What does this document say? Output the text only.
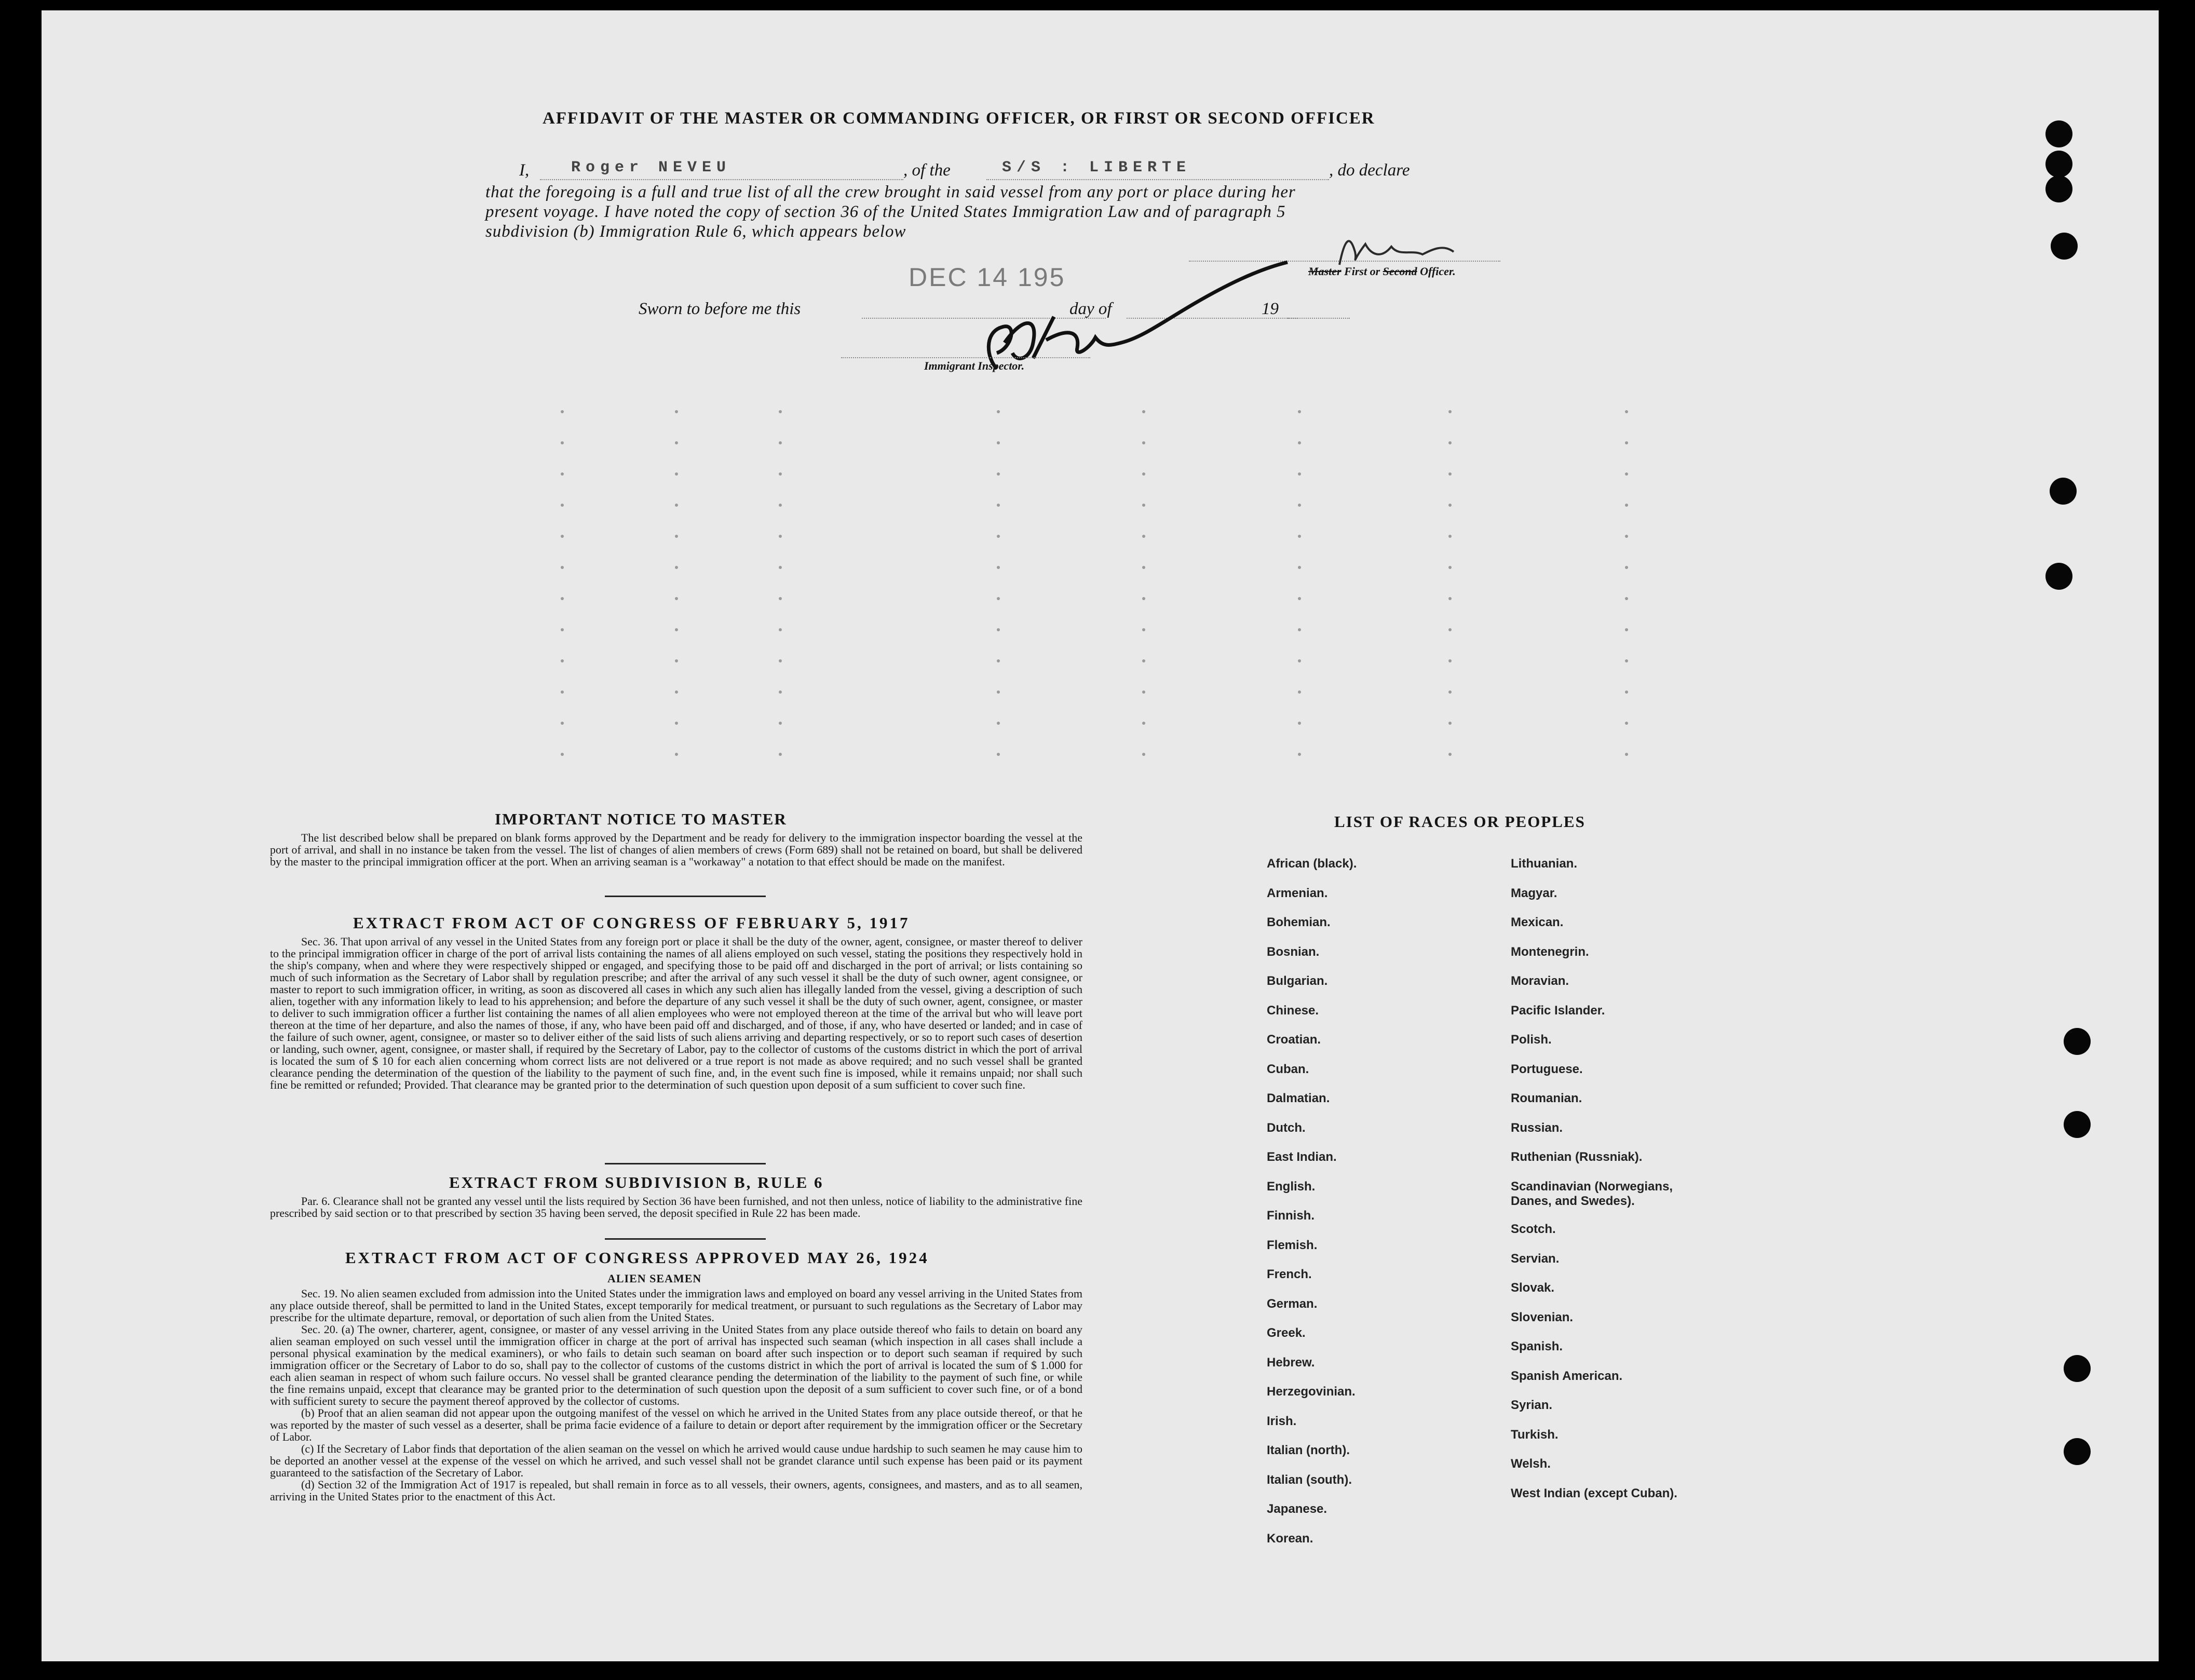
AFFIDAVIT OF THE MASTER OR COMMANDING OFFICER, OR FIRST OR SECOND OFFICER
I,	Roger NEVEU	, of the	S/S : LIBERTE	, do declare
that the foregoing is a full and true list of all the crew brought in said vessel from any port or place during her
present voyage. I have noted the copy of section 36 of the United States Immigration Law and of paragraph 5
subdivision (b) Immigration Rule 6, which appears below
DEC 14 195	Master First or Second Officer.
Sworn to before me this	day of	19
Immigrant Inspector.
IMPORTANT NOTICE TO MASTER
The list described below shall be prepared on blank forms approved by the Department and be ready for delivery to the immigration inspector boarding the vessel at the port of arrival, and shall in no instance be taken from the vessel. The list of changes of alien members of crews (Form 689) shall not be retained on board, but shall be delivered by the master to the principal immigration officer at the port. When an arriving seaman is a "workaway" a notation to that effect should be made on the manifest.
EXTRACT FROM ACT OF CONGRESS OF FEBRUARY 5, 1917
Sec. 36. That upon arrival of any vessel in the United States from any foreign port or place it shall be the duty of the owner, agent, consignee, or master thereof to deliver to the principal immigration officer in charge of the port of arrival lists containing the names of all aliens employed on such vessel, stating the positions they respectively hold in the ship's company, when and where they were respectively shipped or engaged, and specifying those to be paid off and discharged in the port of arrival; or lists containing so much of such information as the Secretary of Labor shall by regulation prescribe; and after the arrival of any such vessel it shall be the duty of such owner, agent consignee, or master to report to such immigration officer, in writing, as soon as discovered all cases in which any such alien has illegally landed from the vessel, giving a description of such alien, together with any information likely to lead to his apprehension; and before the departure of any such vessel it shall be the duty of such owner, agent, consignee, or master to deliver to such immigration officer a further list containing the names of all alien employees who were not employed thereon at the time of the arrival but who will leave port thereon at the time of her departure, and also the names of those, if any, who have been paid off and discharged, and of those, if any, who have deserted or landed; and in case of the failure of such owner, agent, consignee, or master so to deliver either of the said lists of such aliens arriving and departing respectively, or so to report such cases of desertion or landing, such owner, agent, consignee, or master shall, if required by the Secretary of Labor, pay to the collector of customs of the customs district in which the port of arrival is located the sum of $ 10 for each alien concerning whom correct lists are not delivered or a true report is not made as above required; and no such vessel shall be granted clearance pending the determination of the question of the liability to the payment of such fine, and, in the event such fine is imposed, while it remains unpaid; nor shall such fine be remitted or refunded; Provided. That clearance may be granted prior to the determination of such question upon deposit of a sum sufficient to cover such fine.
EXTRACT FROM SUBDIVISION B, RULE 6
Par. 6. Clearance shall not be granted any vessel until the lists required by Section 36 have been furnished, and not then unless, notice of liability to the administrative fine prescribed by said section or to that prescribed by section 35 having been served, the deposit specified in Rule 22 has been made.
EXTRACT FROM ACT OF CONGRESS APPROVED MAY 26, 1924
ALIEN SEAMEN
Sec. 19. No alien seamen excluded from admission into the United States under the immigration laws and employed on board any vessel arriving in the United States from any place outside thereof, shall be permitted to land in the United States, except temporarily for medical treatment, or pursuant to such regulations as the Secretary of Labor may prescribe for the ultimate departure, removal, or deportation of such alien from the United States.
Sec. 20. (a) The owner, charterer, agent, consignee, or master of any vessel arriving in the United States from any place outside thereof who fails to detain on board any alien seaman employed on such vessel until the immigration officer in charge at the port of arrival has inspected such seaman (which inspection in all cases shall include a personal physical examination by the medical examiners), or who fails to detain such seaman on board after such inspection or to deport such seaman if required by such immigration officer or the Secretary of Labor to do so, shall pay to the collector of customs of the customs district in which the port of arrival is located the sum of $ 1.000 for each alien seaman in respect of whom such failure occurs. No vessel shall be granted clearance pending the determination of the liability to the payment of such fine, or while the fine remains unpaid, except that clearance may be granted prior to the determination of such question upon the deposit of a sum sufficient to cover such fine, or of a bond with sufficient surety to secure the payment thereof approved by the collector of customs.
(b) Proof that an alien seaman did not appear upon the outgoing manifest of the vessel on which he arrived in the United States from any place outside thereof, or that he was reported by the master of such vessel as a deserter, shall be prima facie evidence of a failure to detain or deport after requirement by the immigration officer or the Secretary of Labor.
(c) If the Secretary of Labor finds that deportation of the alien seaman on the vessel on which he arrived would cause undue hardship to such seamen he may cause him to be deported an another vessel at the expense of the vessel on which he arrived, and such vessel shall not be grandet clarance until such expense has been paid or its payment guaranteed to the satisfaction of the Secretary of Labor.
(d) Section 32 of the Immigration Act of 1917 is repealed, but shall remain in force as to all vessels, their owners, agents, consignees, and masters, and as to all seamen, arriving in the United States prior to the enactment of this Act.
LIST OF RACES OR PEOPLES
African (black).
Armenian.
Bohemian.
Bosnian.
Bulgarian.
Chinese.
Croatian.
Cuban.
Dalmatian.
Dutch.
East Indian.
English.
Finnish.
Flemish.
French.
German.
Greek.
Hebrew.
Herzegovinian.
Irish.
Italian (north).
Italian (south).
Japanese.
Korean.
Lithuanian.
Magyar.
Mexican.
Montenegrin.
Moravian.
Pacific Islander.
Polish.
Portuguese.
Roumanian.
Russian.
Ruthenian (Russniak).
Scandinavian (Norwegians, Danes, and Swedes).
Scotch.
Servian.
Slovak.
Slovenian.
Spanish.
Spanish American.
Syrian.
Turkish.
Welsh.
West Indian (except Cuban).
